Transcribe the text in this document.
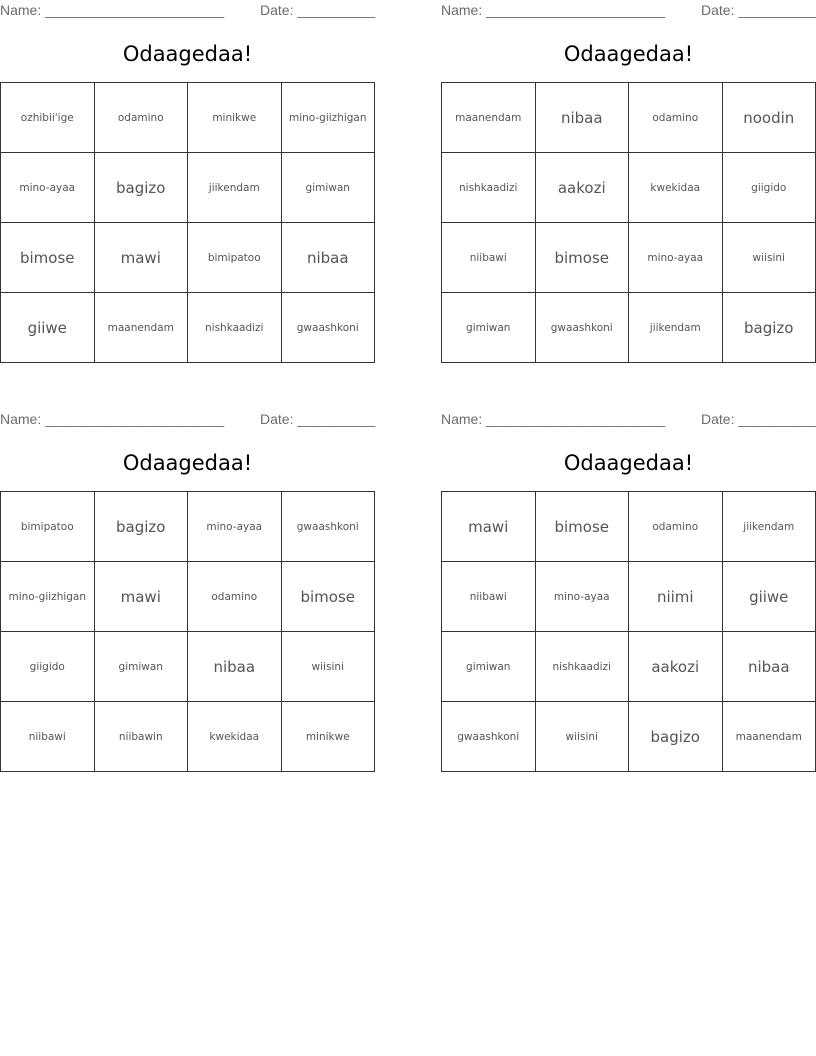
Name: _______________________	Date: __________
Odaagedaa!
ozhibii'ige	odamino	minikwe	mino-giizhigan
mino-ayaa	bagizo	jiikendam	gimiwan
bimose	mawi	bimipatoo	nibaa
giiwe	maanendam	nishkaadizi	gwaashkoni
Name: _______________________	Date: __________
Odaagedaa!
maanendam	nibaa	odamino	noodin
nishkaadizi	aakozi	kwekidaa	giigido
niibawi	bimose	mino-ayaa	wiisini
gimiwan	gwaashkoni	jiikendam	bagizo
Name: _______________________	Date: __________
Odaagedaa!
bimipatoo	bagizo	mino-ayaa	gwaashkoni
mino-giizhigan	mawi	odamino	bimose
giigido	gimiwan	nibaa	wiisini
niibawi	niibawin	kwekidaa	minikwe
Name: _______________________	Date: __________
Odaagedaa!
mawi	bimose	odamino	jiikendam
niibawi	mino-ayaa	niimi	giiwe
gimiwan	nishkaadizi	aakozi	nibaa
gwaashkoni	wiisini	bagizo	maanendam
